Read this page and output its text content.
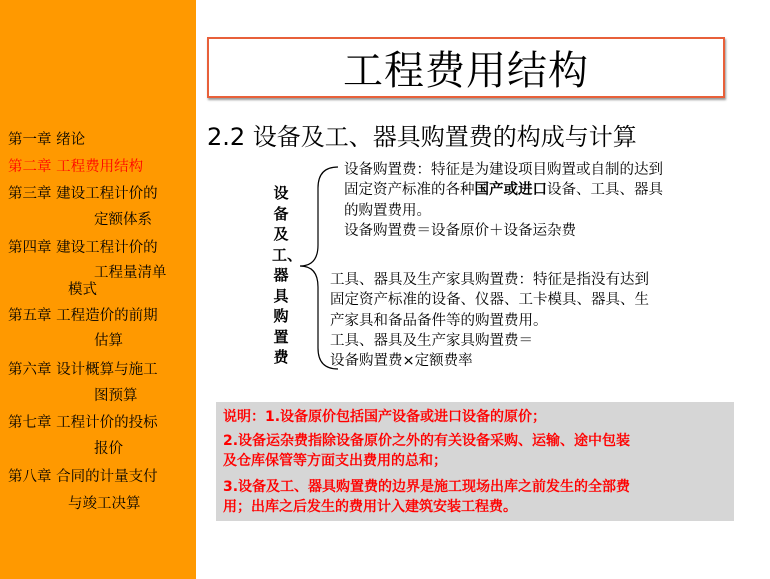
第一章 绪论
第二章 工程费用结构
第三章 建设工程计价的
定额体系
第四章 建设工程计价的
工程量清单
模式
第五章 工程造价的前期
估算
第六章 设计概算与施工
图预算
第七章 工程计价的投标
报价
第八章 合同的计量支付
与竣工决算
工程费用结构
2.2 设备及工、器具购置费的构成与计算
设备及工、器具购置费
设备购置费：特征是为建设项目购置或自制的达到
固定资产标准的各种国产或进口设备、工具、器具
的购置费用。
设备购置费＝设备原价＋设备运杂费
工具、器具及生产家具购置费：特征是指没有达到
固定资产标准的设备、仪器、工卡模具、器具、生
产家具和备品备件等的购置费用。
工具、器具及生产家具购置费＝
设备购置费×定额费率
说明：1.设备原价包括国产设备或进口设备的原价；
2.设备运杂费指除设备原价之外的有关设备采购、运输、途中包装
及仓库保管等方面支出费用的总和；
3.设备及工、器具购置费的边界是施工现场出库之前发生的全部费
用；出库之后发生的费用计入建筑安装工程费。
